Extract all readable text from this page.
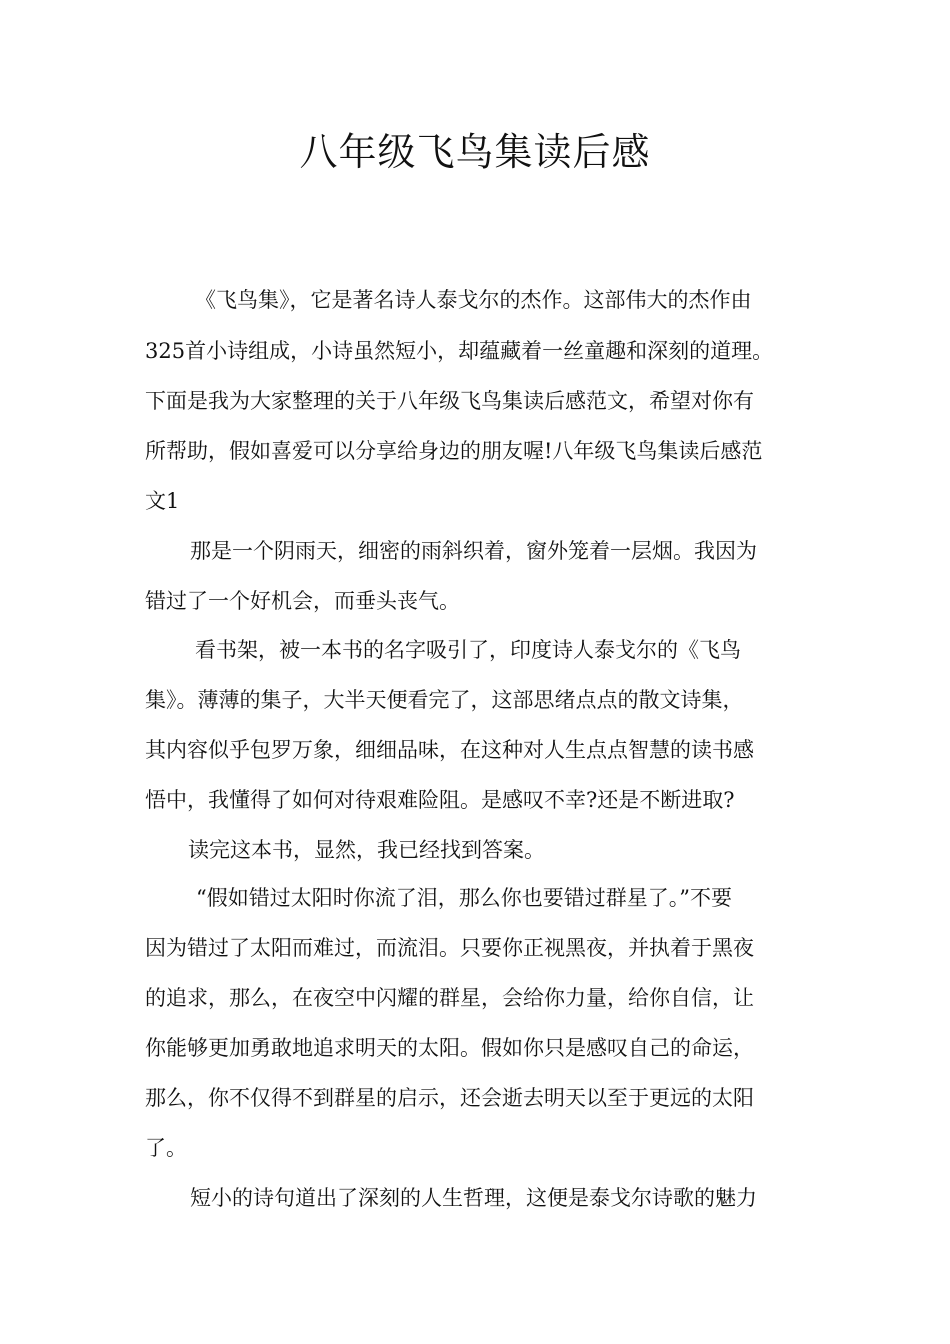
八年级飞鸟集读后感
《飞鸟集》，它是著名诗人泰戈尔的杰作。这部伟大的杰作由
325首小诗组成，小诗虽然短小，却蕴藏着一丝童趣和深刻的道理。
下面是我为大家整理的关于八年级飞鸟集读后感范文，希望对你有
所帮助，假如喜爱可以分享给身边的朋友喔!八年级飞鸟集读后感范
文1
那是一个阴雨天，细密的雨斜织着，窗外笼着一层烟。我因为
错过了一个好机会，而垂头丧气。
看书架，被一本书的名字吸引了，印度诗人泰戈尔的《飞鸟
集》。薄薄的集子，大半天便看完了，这部思绪点点的散文诗集，
其内容似乎包罗万象，细细品味，在这种对人生点点智慧的读书感
悟中，我懂得了如何对待艰难险阻。是感叹不幸?还是不断进取?
读完这本书，显然，我已经找到答案。
“假如错过太阳时你流了泪，那么你也要错过群星了。”不要
因为错过了太阳而难过，而流泪。只要你正视黑夜，并执着于黑夜
的追求，那么，在夜空中闪耀的群星，会给你力量，给你自信，让
你能够更加勇敢地追求明天的太阳。假如你只是感叹自己的命运，
那么，你不仅得不到群星的启示，还会逝去明天以至于更远的太阳
了。
短小的诗句道出了深刻的人生哲理，这便是泰戈尔诗歌的魅力
